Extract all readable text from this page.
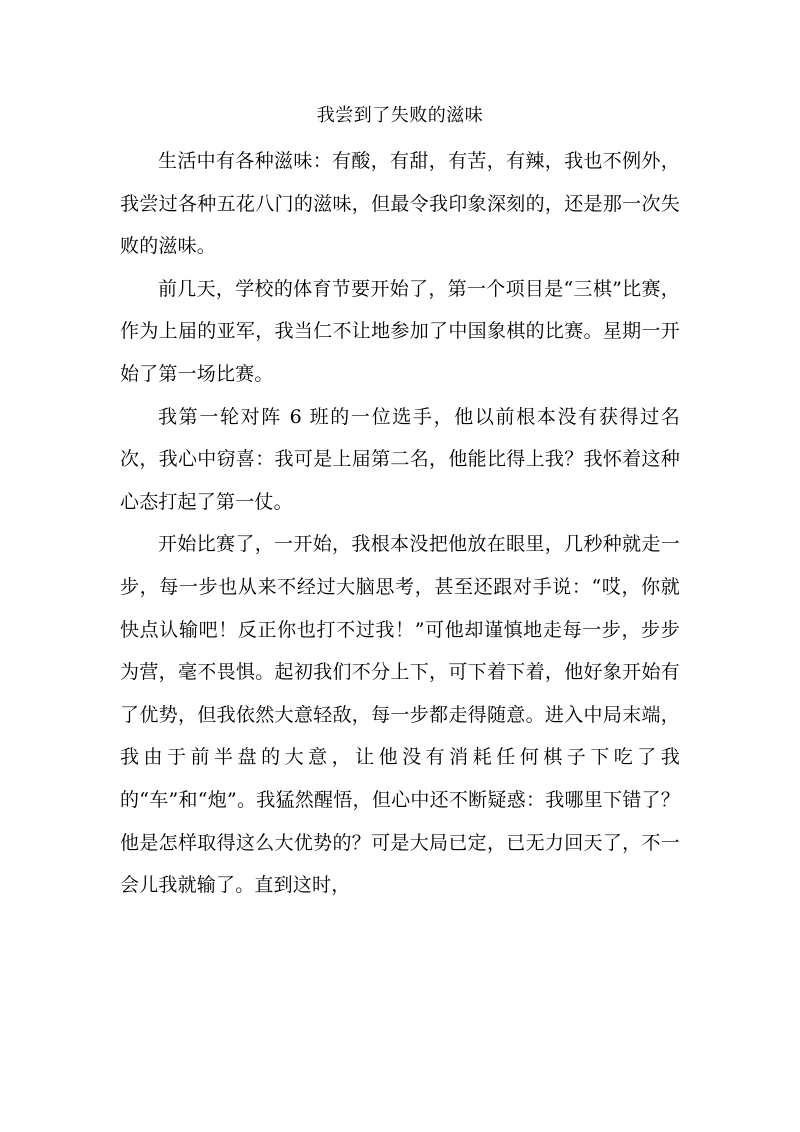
我尝到了失败的滋味

生活中有各种滋味：有酸，有甜，有苦，有辣，我也不例外，我尝过各种五花八门的滋味，但最令我印象深刻的，还是那一次失败的滋味。

前几天，学校的体育节要开始了，第一个项目是“三棋”比赛，作为上届的亚军，我当仁不让地参加了中国象棋的比赛。星期一开始了第一场比赛。

我第一轮对阵 6 班的一位选手，他以前根本没有获得过名次，我心中窃喜：我可是上届第二名，他能比得上我？我怀着这种心态打起了第一仗。

开始比赛了，一开始，我根本没把他放在眼里，几秒种就走一步，每一步也从来不经过大脑思考，甚至还跟对手说：“哎，你就快点认输吧！反正你也打不过我！”可他却谨慎地走每一步，步步为营，毫不畏惧。起初我们不分上下，可下着下着，他好象开始有了优势，但我依然大意轻敌，每一步都走得随意。进入中局末端，我由于前半盘的大意，让他没有消耗任何棋子下吃了我的“车”和“炮”。我猛然醒悟，但心中还不断疑惑：我哪里下错了？他是怎样取得这么大优势的？可是大局已定，已无力回天了，不一会儿我就输了。直到这时，
